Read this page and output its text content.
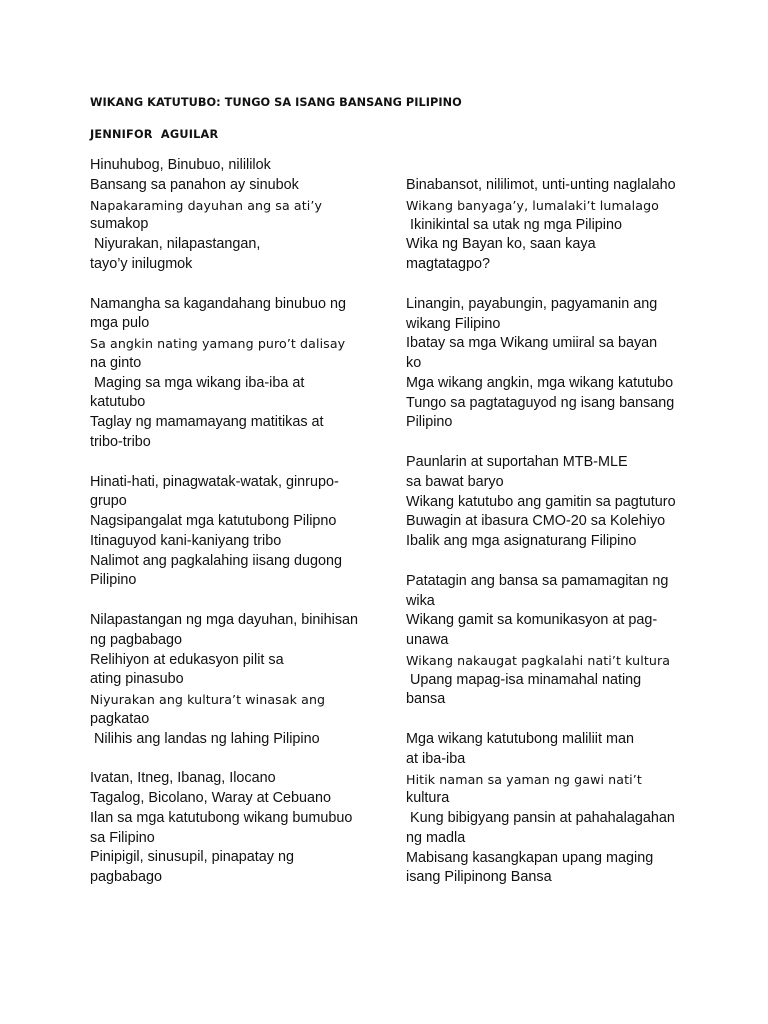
WIKANG KATUTUBO: TUNGO SA ISANG BANSANG PILIPINO
JENNIFOR  AGUILAR
Hinuhubog, Binubuo, nilililok
Bansang sa panahon ay sinubok
Napakaraming dayuhan ang sa ati’y
sumakop
Niyurakan, nilapastangan,
tayo’y inilugmok
Namangha sa kagandahang binubuo ng
mga pulo
Sa angkin nating yamang puro’t dalisay
na ginto
Maging sa mga wikang iba-iba at
katutubo
Taglay ng mamamayang matitikas at
tribo-tribo
Hinati-hati, pinagwatak-watak, ginrupo-
grupo
Nagsipangalat mga katutubong Pilipno
Itinaguyod kani-kaniyang tribo
Nalimot ang pagkalahing iisang dugong
Pilipino
Nilapastangan ng mga dayuhan, binihisan
ng pagbabago
Relihiyon at edukasyon pilit sa
ating pinasubo
Niyurakan ang kultura’t winasak ang
pagkatao
Nilihis ang landas ng lahing Pilipino
Ivatan, Itneg, Ibanag, Ilocano
Tagalog, Bicolano, Waray at Cebuano
Ilan sa mga katutubong wikang bumubuo
sa Filipino
Pinipigil, sinusupil, pinapatay ng
pagbabago
Binabansot, nililimot, unti-unting naglalaho
Wikang banyaga’y, lumalaki’t lumalago
Ikinikintal sa utak ng mga Pilipino
Wika ng Bayan ko, saan kaya
magtatagpo?
Linangin, payabungin, pagyamanin ang
wikang Filipino
Ibatay sa mga Wikang umiiral sa bayan
ko
Mga wikang angkin, mga wikang katutubo
Tungo sa pagtataguyod ng isang bansang
Pilipino
Paunlarin at suportahan MTB-MLE
sa bawat baryo
Wikang katutubo ang gamitin sa pagtuturo
Buwagin at ibasura CMO-20 sa Kolehiyo
Ibalik ang mga asignaturang Filipino
Patatagin ang bansa sa pamamagitan ng
wika
Wikang gamit sa komunikasyon at pag-
unawa
Wikang nakaugat pagkalahi nati’t kultura
Upang mapag-isa minamahal nating
bansa
Mga wikang katutubong maliliit man
at iba-iba
Hitik naman sa yaman ng gawi nati’t
kultura
Kung bibigyang pansin at pahahalagahan
ng madla
Mabisang kasangkapan upang maging
isang Pilipinong Bansa
